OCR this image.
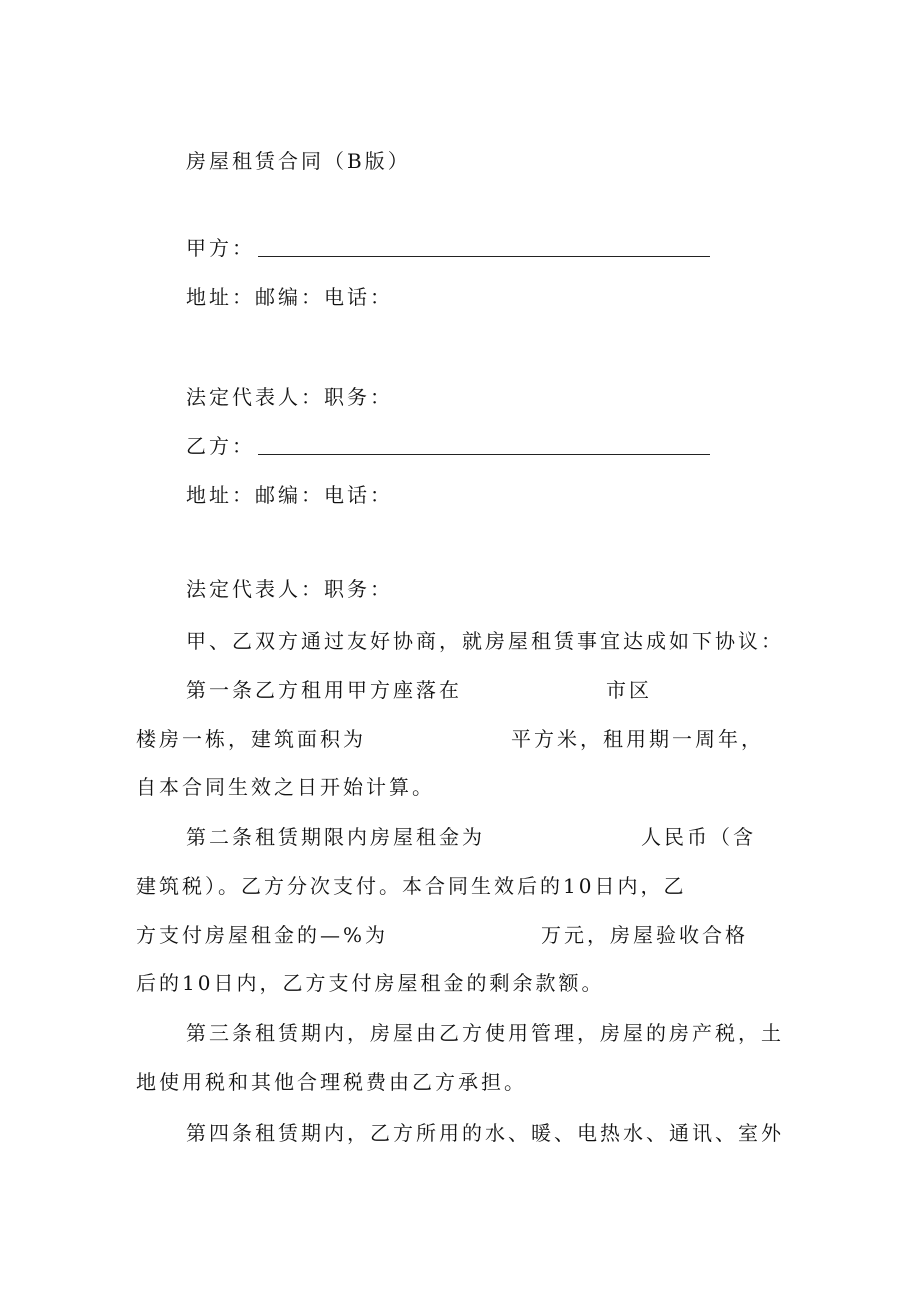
房屋租赁合同（B版）
甲方：
地址：邮编：电话：
法定代表人：职务：
乙方：
地址：邮编：电话：
法定代表人：职务：
甲、乙双方通过友好协商，就房屋租赁事宜达成如下协议：
第一条乙方租用甲方座落在	市区
楼房一栋，建筑面积为	平方米，租用期一周年，
自本合同生效之日开始计算。
第二条租赁期限内房屋租金为	人民币（含
建筑税）。乙方分次支付。本合同生效后的10日内，乙
方支付房屋租金的—%为	万元，房屋验收合格
后的10日内，乙方支付房屋租金的剩余款额。
第三条租赁期内，房屋由乙方使用管理，房屋的房产税，土
地使用税和其他合理税费由乙方承担。
第四条租赁期内，乙方所用的水、暖、电热水、通讯、室外
